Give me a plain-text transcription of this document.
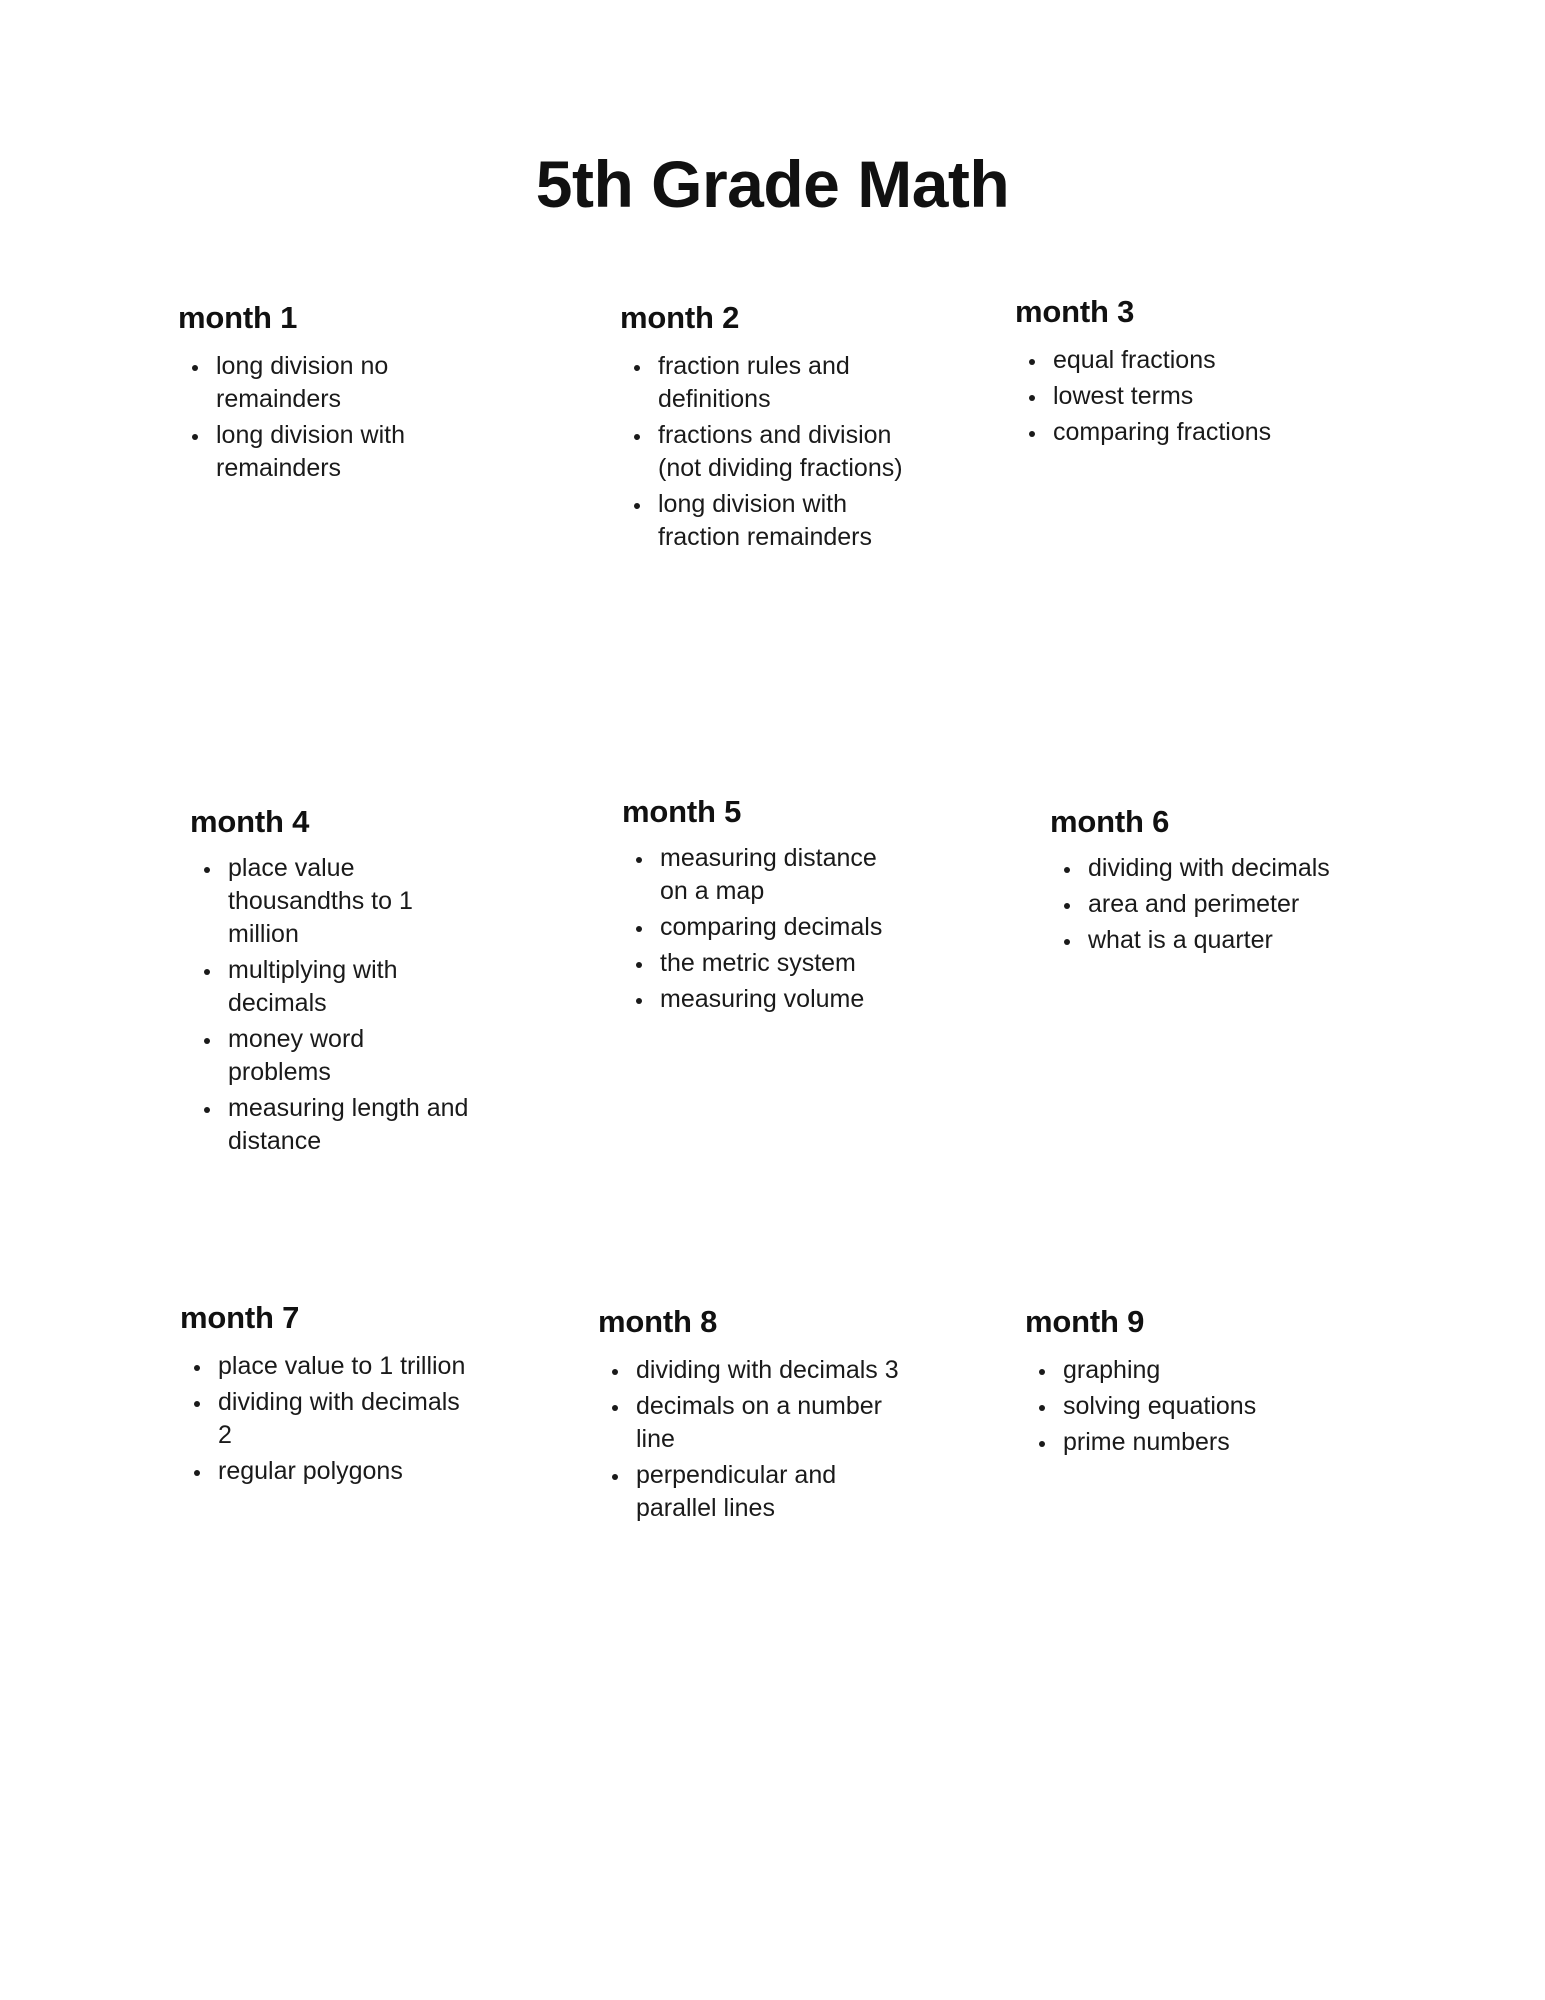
5th Grade Math
month 1
long division no remainders
long division with remainders
month 2
fraction rules and definitions
fractions and division (not dividing fractions)
long division with fraction remainders
month 3
equal fractions
lowest terms
comparing fractions
month 4
place value thousandths to 1 million
multiplying with decimals
money word problems
measuring length and distance
month 5
measuring distance on a map
comparing decimals
the metric system
measuring volume
month 6
dividing with decimals
area and perimeter
what is a quarter
month 7
place value to 1 trillion
dividing with decimals 2
regular polygons
month 8
dividing with decimals 3
decimals on a number line
perpendicular and parallel lines
month 9
graphing
solving equations
prime numbers
